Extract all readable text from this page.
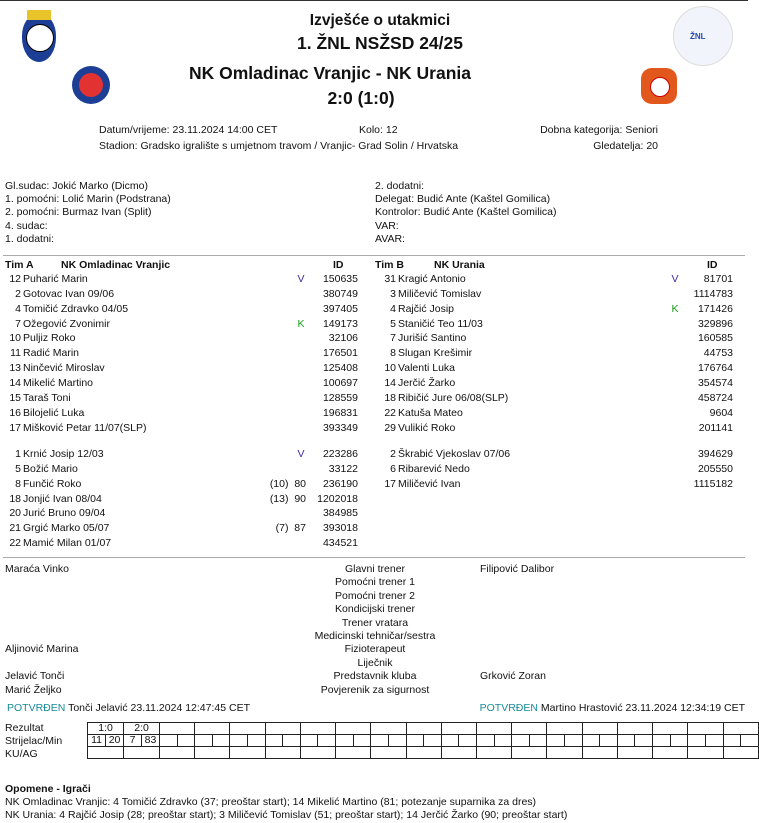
ŽNL
Izvješće o utakmici
1. ŽNL NSŽSD 24/25
NK Omladinac Vranjic - NK Urania
2:0 (1:0)
Datum/vrijeme: 23.11.2024 14:00 CET	Kolo: 12	Dobna kategorija: Seniori
Stadion: Gradsko igralište s umjetnom travom / Vranjic- Grad Solin / Hrvatska	Gledatelja: 20
Gl.sudac: Jokić Marko (Dicmo)
1. pomoćni: Lolić Marin (Podstrana)
2. pomoćni: Burmaz Ivan (Split)
4. sudac:
1. dodatni:
2. dodatni:
Delegat: Budić Ante (Kaštel Gomilica)
Kontrolor: Budić Ante (Kaštel Gomilica)
VAR:
AVAR:
Tim A	NK Omladinac Vranjic	ID	Tim B	NK Urania	ID
12 Puharić Marin	V	150635
2 Gotovac Ivan 09/06	380749
4 Tomičić Zdravko 04/05	397405
7 Ožegović Zvonimir	K	149173
10 Puljiz Roko	32106
11 Radić Marin	176501
13 Ninčević Miroslav	125408
14 Mikelić Martino	100697
15 Taraš Toni	128559
16 Bilojelić Luka	196831
17 Mišković Petar 11/07(SLP)	393349
1 Krnić Josip 12/03	V	223286
5 Božić Mario	33122
8 Funčić Roko	(10)  80	236190
18 Jonjić Ivan 08/04	(13)  90	1202018
20 Jurić Bruno 09/04	384985
21 Grgić Marko 05/07	(7)  87	393018
22 Mamić Milan 01/07	434521
31 Kragić Antonio	V	81701
3 Miličević Tomislav	1114783
4 Rajčić Josip	K	171426
5 Staničić Teo 11/03	329896
7 Jurišić Santino	160585
8 Slugan Krešimir	44753
10 Valenti Luka	176764
14 Jerčić Žarko	354574
18 Ribičić Jure 06/08(SLP)	458724
22 Katuša Mateo	9604
29 Vulikić Roko	201141
2 Škrabić Vjekoslav 07/06	394629
6 Ribarević Nedo	205550
17 Miličević Ivan	1115182
Maraća Vinko	Glavni trener	Filipović Dalibor
Pomoćni trener 1
Pomoćni trener 2
Kondicijski trener
Trener vratara
Medicinski tehničar/sestra
Aljinović Marina	Fizioterapeut
Liječnik
Jelavić Tonči	Predstavnik kluba	Grković Zoran
Marić Željko	Povjerenik za sigurnost
POTVRĐEN Tonči Jelavić 23.11.2024 12:47:45 CET	POTVRĐEN Martino Hrastović 23.11.2024 12:34:19 CET
Rezultat
Strijelac/Min
KU/AG
1:0		2:0																																			
11	20	7	83																																		

Opomene - Igrači
NK Omladinac Vranjic: 4 Tomičić Zdravko (37; preoštar start); 14 Mikelić Martino (81; potezanje suparnika za dres)
NK Urania: 4 Rajčić Josip (28; preoštar start); 3 Miličević Tomislav (51; preoštar start); 14 Jerčić Žarko (90; preoštar start)
